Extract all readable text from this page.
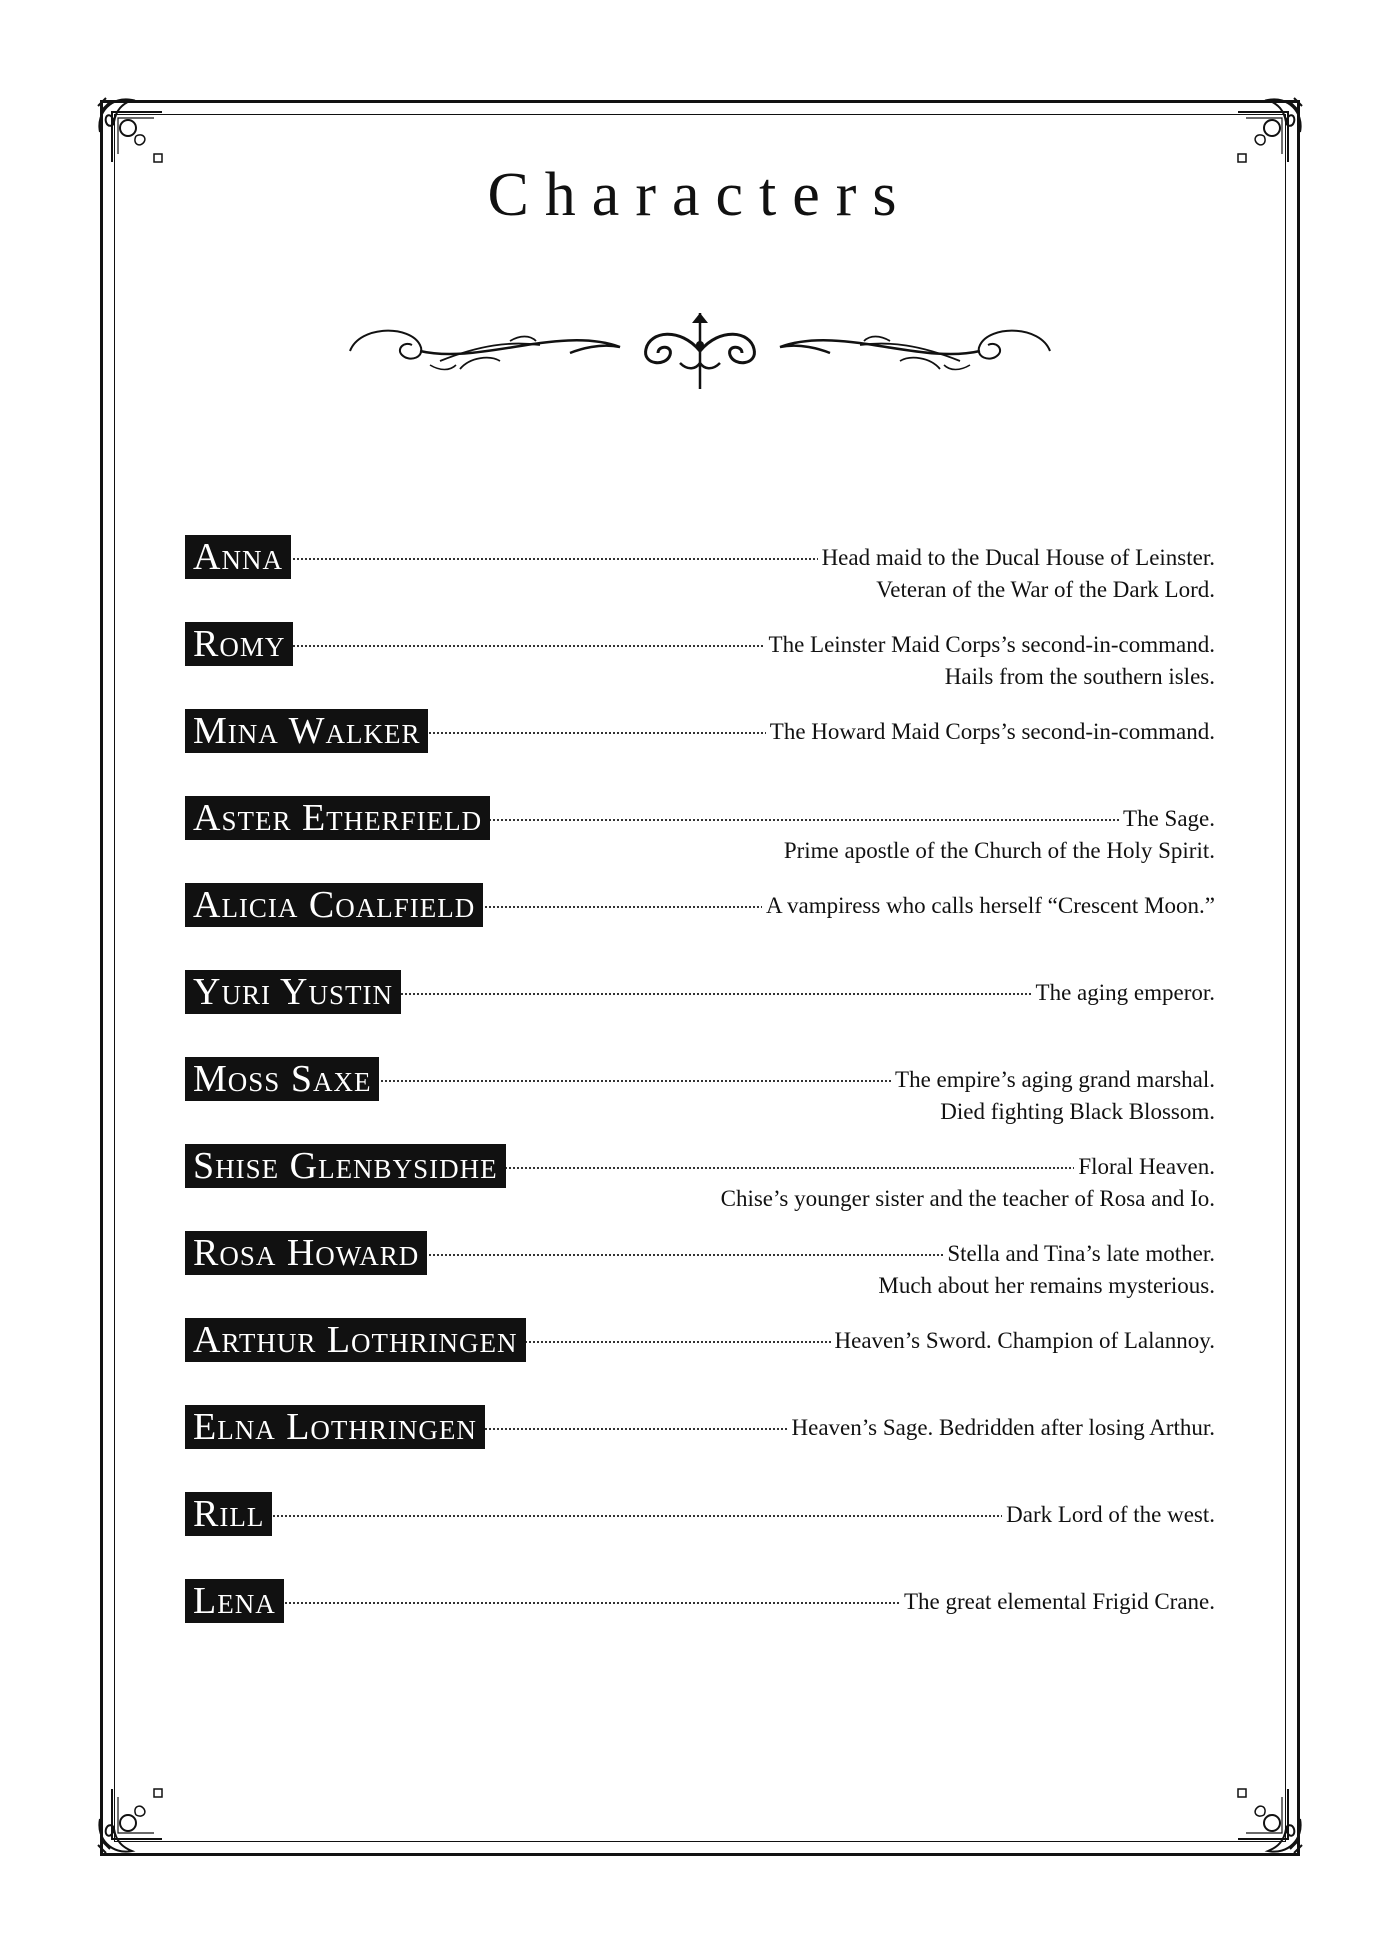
Characters
Anna	Head maid to the Ducal House of Leinster.
Veteran of the War of the Dark Lord.
Romy	The Leinster Maid Corps’s second-in-command.
Hails from the southern isles.
Mina Walker	The Howard Maid Corps’s second-in-command.
Aster Etherfield	The Sage.
Prime apostle of the Church of the Holy Spirit.
Alicia Coalfield	A vampiress who calls herself “Crescent Moon.”
Yuri Yustin	The aging emperor.
Moss Saxe	The empire’s aging grand marshal.
Died fighting Black Blossom.
Shise Glenbysidhe	Floral Heaven.
Chise’s younger sister and the teacher of Rosa and Io.
Rosa Howard	Stella and Tina’s late mother.
Much about her remains mysterious.
Arthur Lothringen	Heaven’s Sword. Champion of Lalannoy.
Elna Lothringen	Heaven’s Sage. Bedridden after losing Arthur.
Rill	Dark Lord of the west.
Lena	The great elemental Frigid Crane.
